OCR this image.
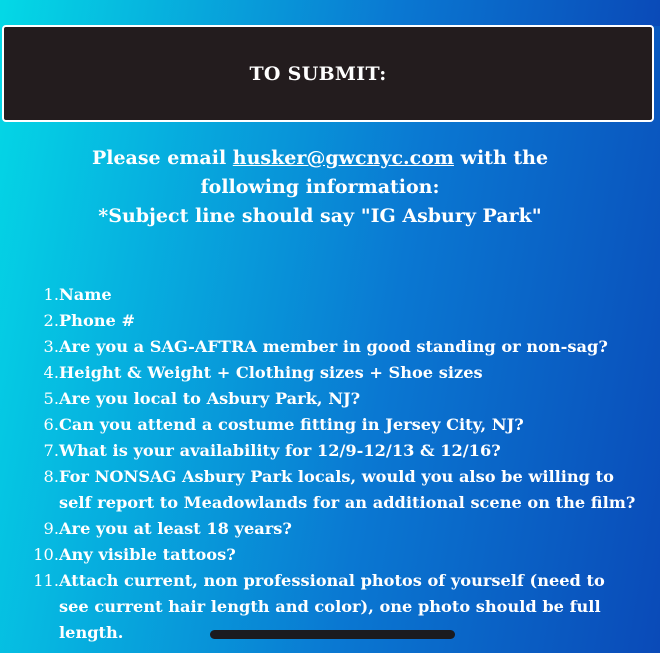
TO SUBMIT:
Please email husker@gwcnyc.com with the
following information:
*Subject line should say "IG Asbury Park"
1. Name
2. Phone #
3. Are you a SAG-AFTRA member in good standing or non-sag?
4. Height & Weight + Clothing sizes + Shoe sizes
5. Are you local to Asbury Park, NJ?
6. Can you attend a costume fitting in Jersey City, NJ?
7. What is your availability for 12/9-12/13 & 12/16?
8. For NONSAG Asbury Park locals, would you also be willing to self report to Meadowlands for an additional scene on the film?
9. Are you at least 18 years?
10. Any visible tattoos?
11. Attach current, non professional photos of yourself (need to see current hair length and color), one photo should be full length.
